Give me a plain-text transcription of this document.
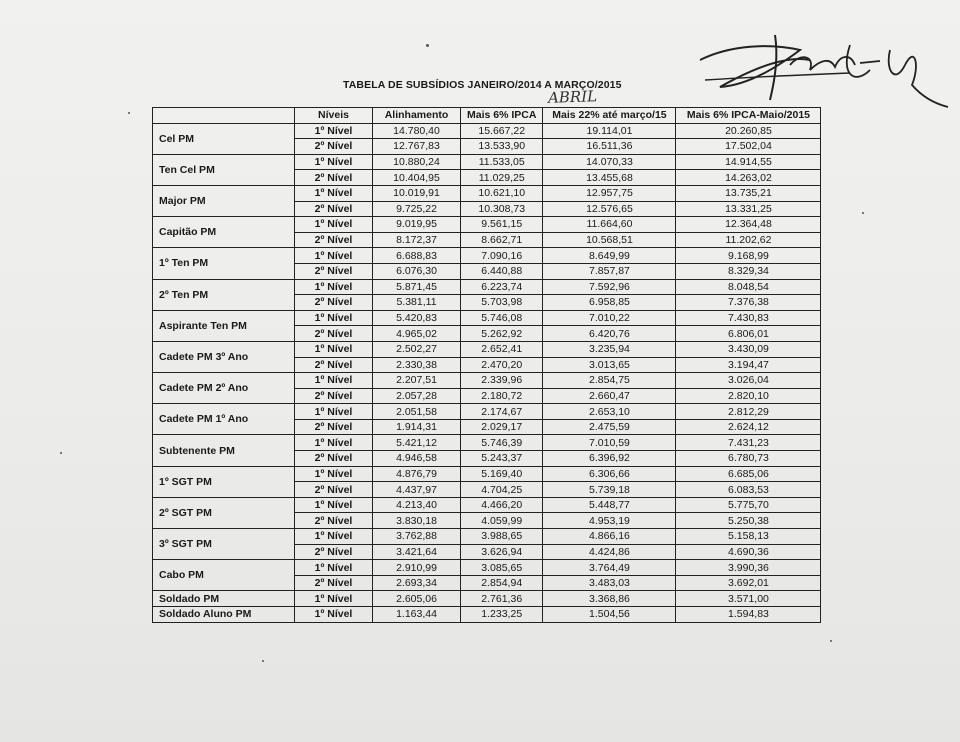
TABELA DE SUBSÍDIOS JANEIRO/2014 A MARÇO/2015
ABRIL
	Níveis	Alinhamento	Mais 6% IPCA	Mais 22% até março/15	Mais 6% IPCA-Maio/2015
Cel PM	1º Nível	14.780,40	15.667,22	19.114,01	20.260,85
	2º Nível	12.767,83	13.533,90	16.511,36	17.502,04
Ten Cel PM	1º Nível	10.880,24	11.533,05	14.070,33	14.914,55
	2º Nível	10.404,95	11.029,25	13.455,68	14.263,02
Major PM	1º Nível	10.019,91	10.621,10	12.957,75	13.735,21
	2º Nível	9.725,22	10.308,73	12.576,65	13.331,25
Capitão PM	1º Nível	9.019,95	9.561,15	11.664,60	12.364,48
	2º Nível	8.172,37	8.662,71	10.568,51	11.202,62
1º Ten PM	1º Nível	6.688,83	7.090,16	8.649,99	9.168,99
	2º Nível	6.076,30	6.440,88	7.857,87	8.329,34
2º Ten PM	1º Nível	5.871,45	6.223,74	7.592,96	8.048,54
	2º Nível	5.381,11	5.703,98	6.958,85	7.376,38
Aspirante Ten PM	1º Nível	5.420,83	5.746,08	7.010,22	7.430,83
	2º Nível	4.965,02	5.262,92	6.420,76	6.806,01
Cadete PM 3º Ano	1º Nível	2.502,27	2.652,41	3.235,94	3.430,09
	2º Nível	2.330,38	2.470,20	3.013,65	3.194,47
Cadete PM 2º Ano	1º Nível	2.207,51	2.339,96	2.854,75	3.026,04
	2º Nível	2.057,28	2.180,72	2.660,47	2.820,10
Cadete PM 1º Ano	1º Nível	2.051,58	2.174,67	2.653,10	2.812,29
	2º Nível	1.914,31	2.029,17	2.475,59	2.624,12
Subtenente PM	1º Nível	5.421,12	5.746,39	7.010,59	7.431,23
	2º Nível	4.946,58	5.243,37	6.396,92	6.780,73
1º SGT PM	1º Nível	4.876,79	5.169,40	6.306,66	6.685,06
	2º Nível	4.437,97	4.704,25	5.739,18	6.083,53
2º SGT PM	1º Nível	4.213,40	4.466,20	5.448,77	5.775,70
	2º Nível	3.830,18	4.059,99	4.953,19	5.250,38
3º SGT PM	1º Nível	3.762,88	3.988,65	4.866,16	5.158,13
	2º Nível	3.421,64	3.626,94	4.424,86	4.690,36
Cabo PM	1º Nível	2.910,99	3.085,65	3.764,49	3.990,36
	2º Nível	2.693,34	2.854,94	3.483,03	3.692,01
Soldado PM	1º Nível	2.605,06	2.761,36	3.368,86	3.571,00
Soldado Aluno PM	1º Nível	1.163,44	1.233,25	1.504,56	1.594,83
